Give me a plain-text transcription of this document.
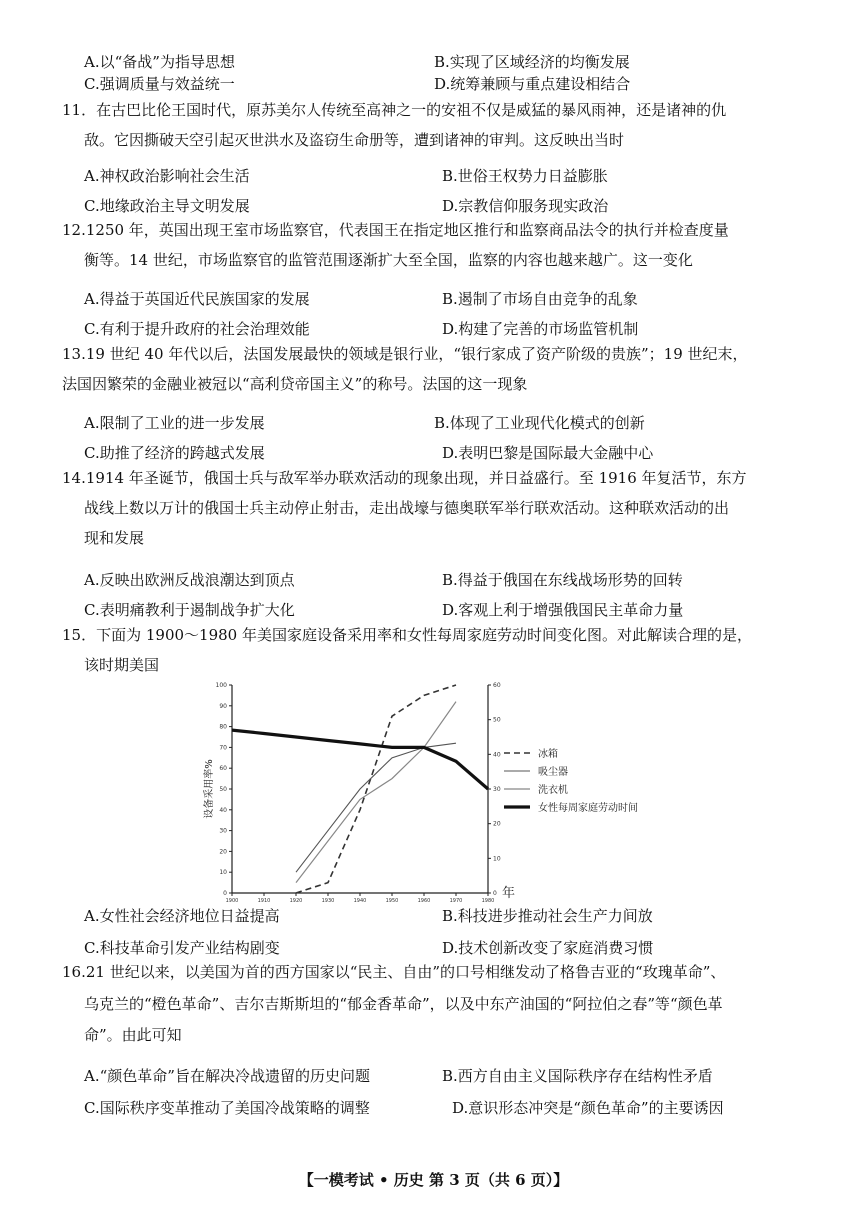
A.以“备战”为指导思想	B.实现了区域经济的均衡发展
C.强调质量与效益统一	D.统筹兼顾与重点建设相结合
11．在古巴比伦王国时代，原苏美尔人传统至高神之一的安祖不仅是威猛的暴风雨神，还是诸神的仇
敌。它因撕破天空引起灭世洪水及盗窃生命册等，遭到诸神的审判。这反映出当时
A.神权政治影响社会生活	B.世俗王权势力日益膨胀
C.地缘政治主导文明发展	D.宗教信仰服务现实政治
12.1250 年，英国出现王室市场监察官，代表国王在指定地区推行和监察商品法令的执行并检查度量
衡等。14 世纪，市场监察官的监管范围逐渐扩大至全国，监察的内容也越来越广。这一变化
A.得益于英国近代民族国家的发展	B.遏制了市场自由竞争的乱象
C.有利于提升政府的社会治理效能	D.构建了完善的市场监管机制
13.19 世纪 40 年代以后，法国发展最快的领域是银行业，“银行家成了资产阶级的贵族”；19 世纪末，
法国因繁荣的金融业被冠以“高利贷帝国主义”的称号。法国的这一现象
A.限制了工业的进一步发展	B.体现了工业现代化模式的创新
C.助推了经济的跨越式发展	D.表明巴黎是国际最大金融中心
14.1914 年圣诞节，俄国士兵与敌军举办联欢活动的现象出现，并日益盛行。至 1916 年复活节，东方
战线上数以万计的俄国士兵主动停止射击，走出战壕与德奥联军举行联欢活动。这种联欢活动的出
现和发展
A.反映出欧洲反战浪潮达到顶点	B.得益于俄国在东线战场形势的回转
C.表明痛教利于遏制战争扩大化	D.客观上利于增强俄国民主革命力量
15．下面为 1900～1980 年美国家庭设备采用率和女性每周家庭劳动时间变化图。对此解读合理的是，
该时期美国
100
90
80
70
60
50
40
30
20
10
0
60
50
40
30
20
10
0
1900	1910	1920	1930	1940	1950	1960	1970	1980
设备采用率%
年
冰箱
吸尘器
洗衣机
女性每周家庭劳动时间
A.女性社会经济地位日益提高	B.科技进步推动社会生产力间放
C.科技革命引发产业结构剧变	D.技术创新改变了家庭消费习惯
16.21 世纪以来，以美国为首的西方国家以“民主、自由”的口号相继发动了格鲁吉亚的“玫瑰革命”、
乌克兰的“橙色革命”、吉尔吉斯斯坦的“郁金香革命”，以及中东产油国的“阿拉伯之春”等“颜色革
命”。由此可知
A.“颜色革命”旨在解决冷战遗留的历史问题	B.西方自由主义国际秩序存在结构性矛盾
C.国际秩序变革推动了美国冷战策略的调整	D.意识形态冲突是“颜色革命”的主要诱因
【一模考试 • 历史 第 3 页（共 6 页）】
